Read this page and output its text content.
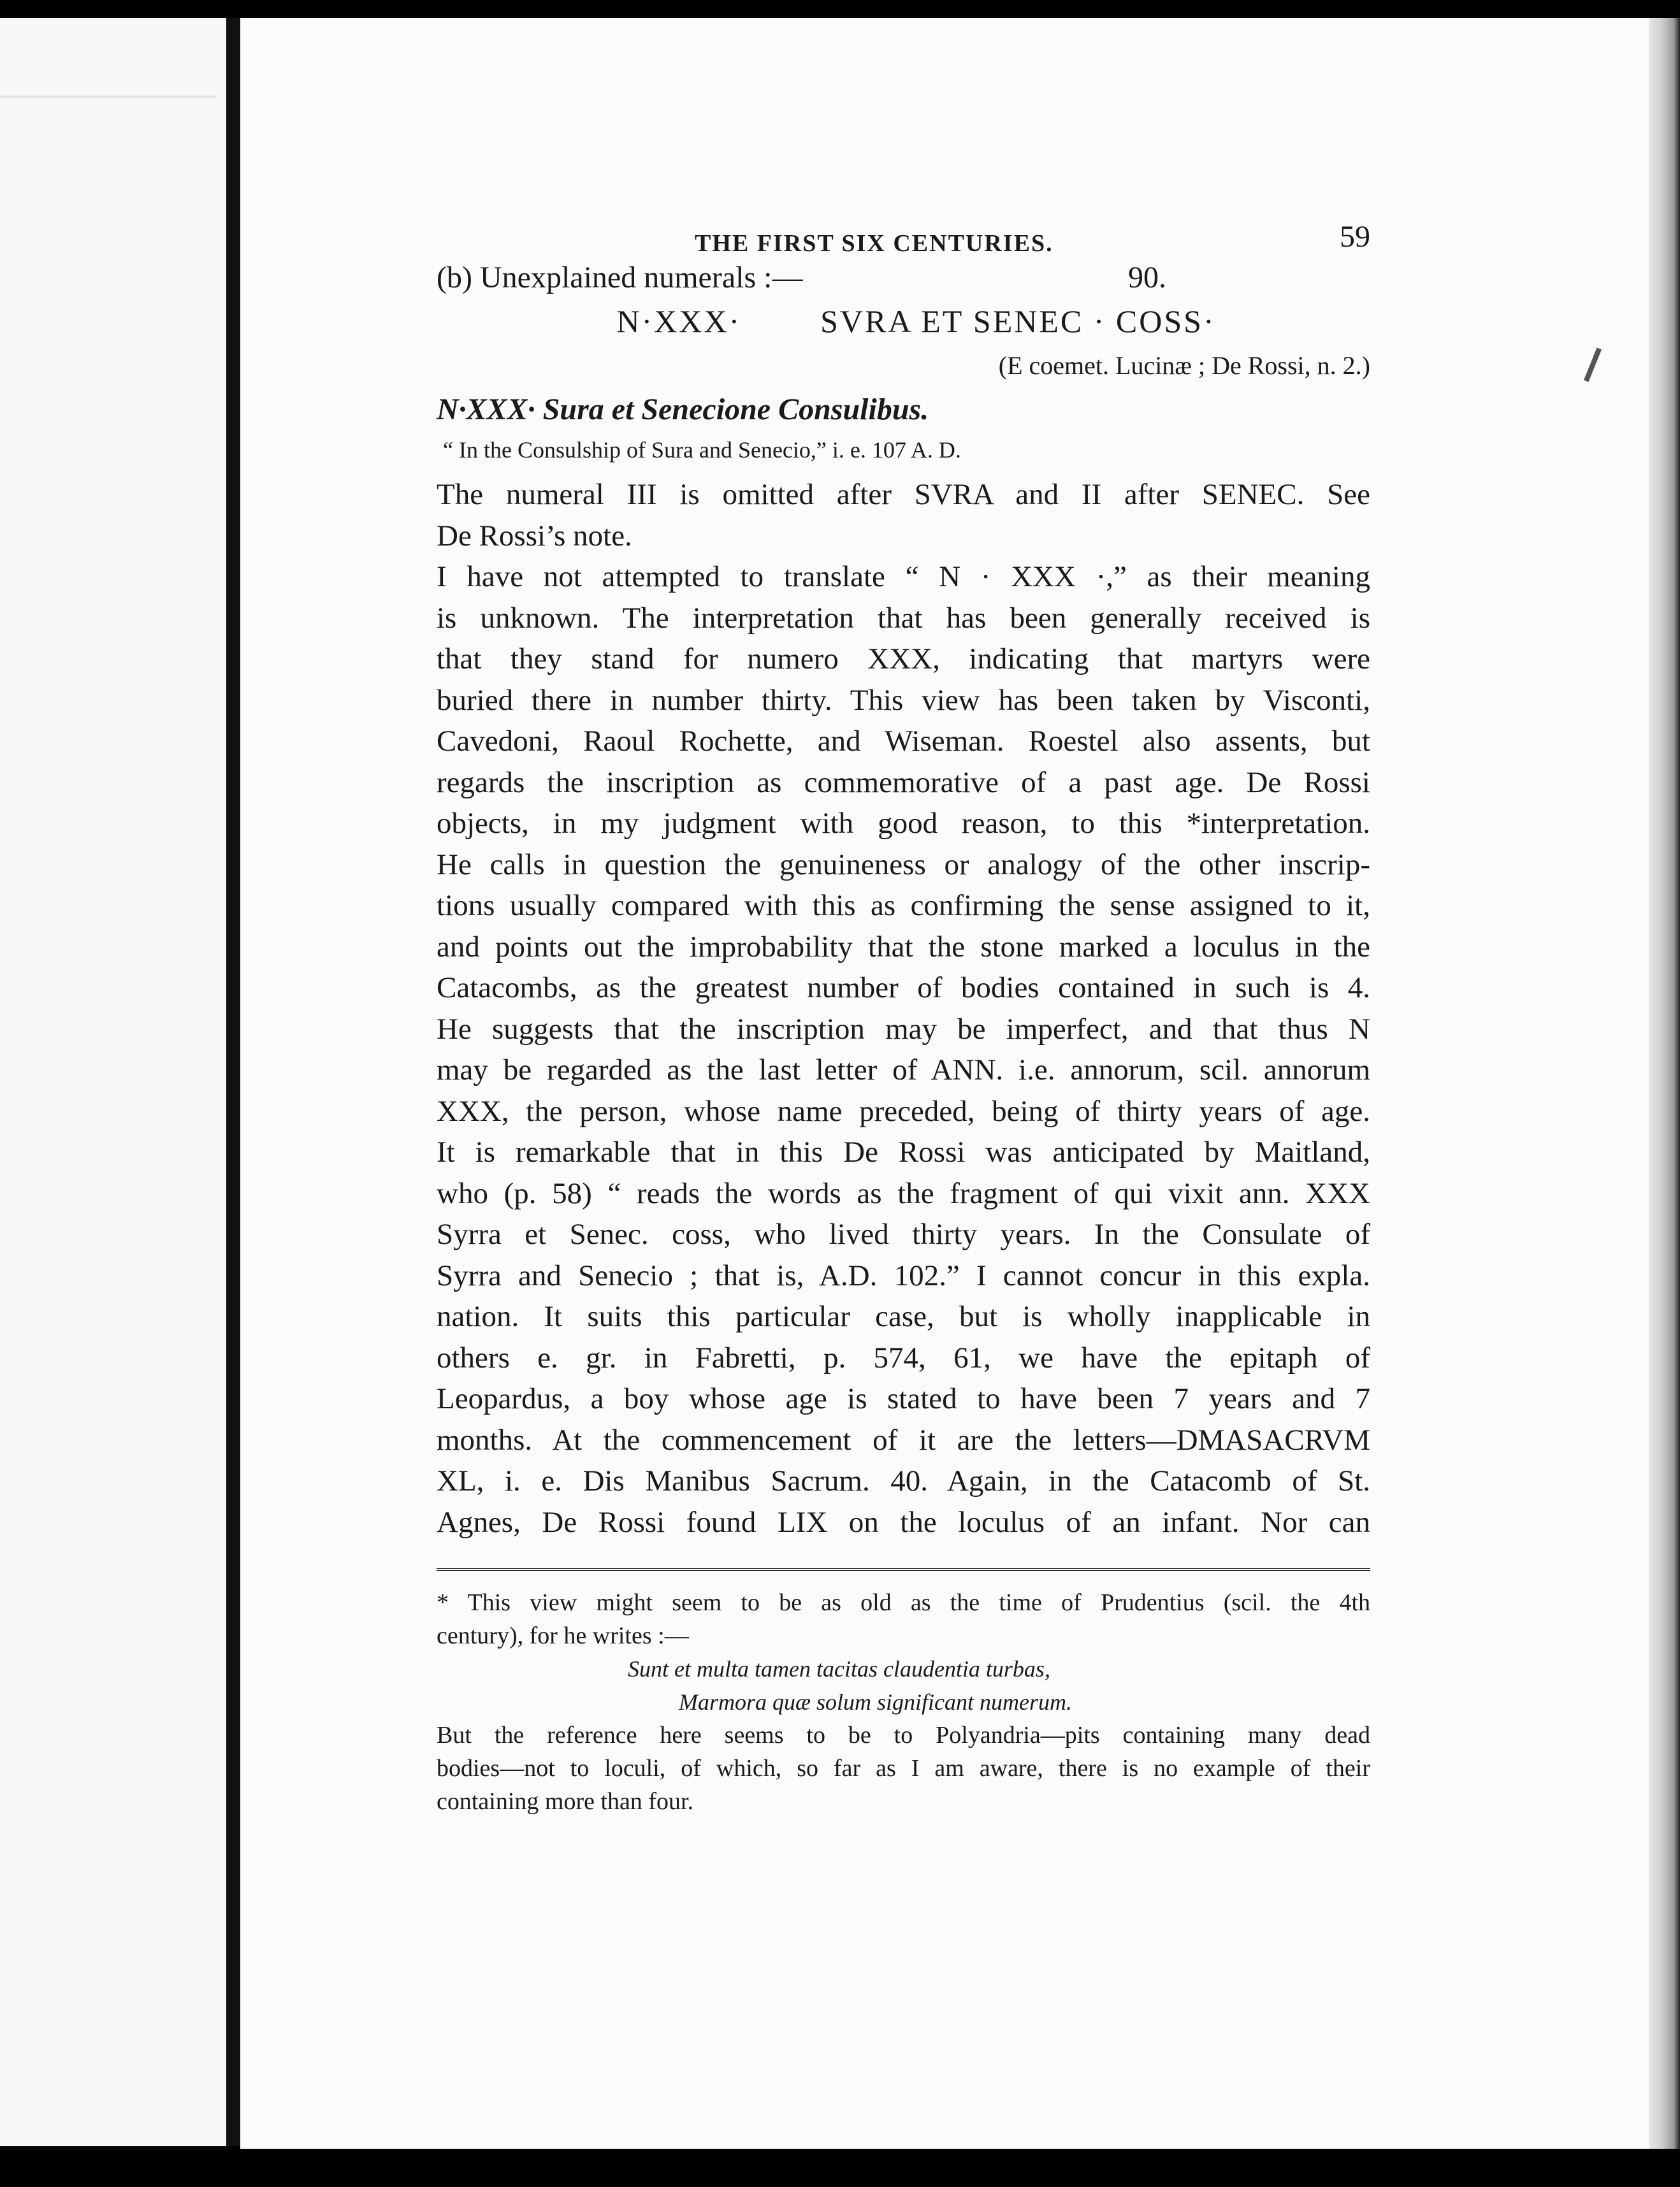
THE FIRST SIX CENTURIES.	59
(b) Unexplained numerals :—	90.
N·XXX·        SVRA ET SENEC · COSS·
(E coemet. Lucinæ ; De Rossi, n. 2.)
N·XXX· Sura et Senecione Consulibus.
“ In the Consulship of Sura and Senecio,” i. e. 107 A. D.
The numeral III is omitted after SVRA and II after SENEC. See
De Rossi’s note.
I have not attempted to translate “ N · XXX ·,” as their meaning
is unknown. The interpretation that has been generally received is
that they stand for numero XXX, indicating that martyrs were
buried there in number thirty. This view has been taken by Visconti,
Cavedoni, Raoul Rochette, and Wiseman. Roestel also assents, but
regards the inscription as commemorative of a past age. De Rossi
objects, in my judgment with good reason, to this *interpretation.
He calls in question the genuineness or analogy of the other inscrip-
tions usually compared with this as confirming the sense assigned to it,
and points out the improbability that the stone marked a loculus in the
Catacombs, as the greatest number of bodies contained in such is 4.
He suggests that the inscription may be imperfect, and that thus N
may be regarded as the last letter of ANN. i.e. annorum, scil. annorum
XXX, the person, whose name preceded, being of thirty years of age.
It is remarkable that in this De Rossi was anticipated by Maitland,
who (p. 58) “ reads the words as the fragment of qui vixit ann. XXX
Syrra et Senec. coss, who lived thirty years. In the Consulate of
Syrra and Senecio ; that is, A.D. 102.” I cannot concur in this expla.
nation. It suits this particular case, but is wholly inapplicable in
others e. gr. in Fabretti, p. 574, 61, we have the epitaph of
Leopardus, a boy whose age is stated to have been 7 years and 7
months. At the commencement of it are the letters—DMASACRVM
XL, i. e. Dis Manibus Sacrum. 40. Again, in the Catacomb of St.
Agnes, De Rossi found LIX on the loculus of an infant. Nor can
* This view might seem to be as old as the time of Prudentius (scil. the 4th
century), for he writes :—
Sunt et multa tamen tacitas claudentia turbas,
Marmora quæ solum significant numerum.
But the reference here seems to be to Polyandria—pits containing many dead
bodies—not to loculi, of which, so far as I am aware, there is no example of their
containing more than four.
